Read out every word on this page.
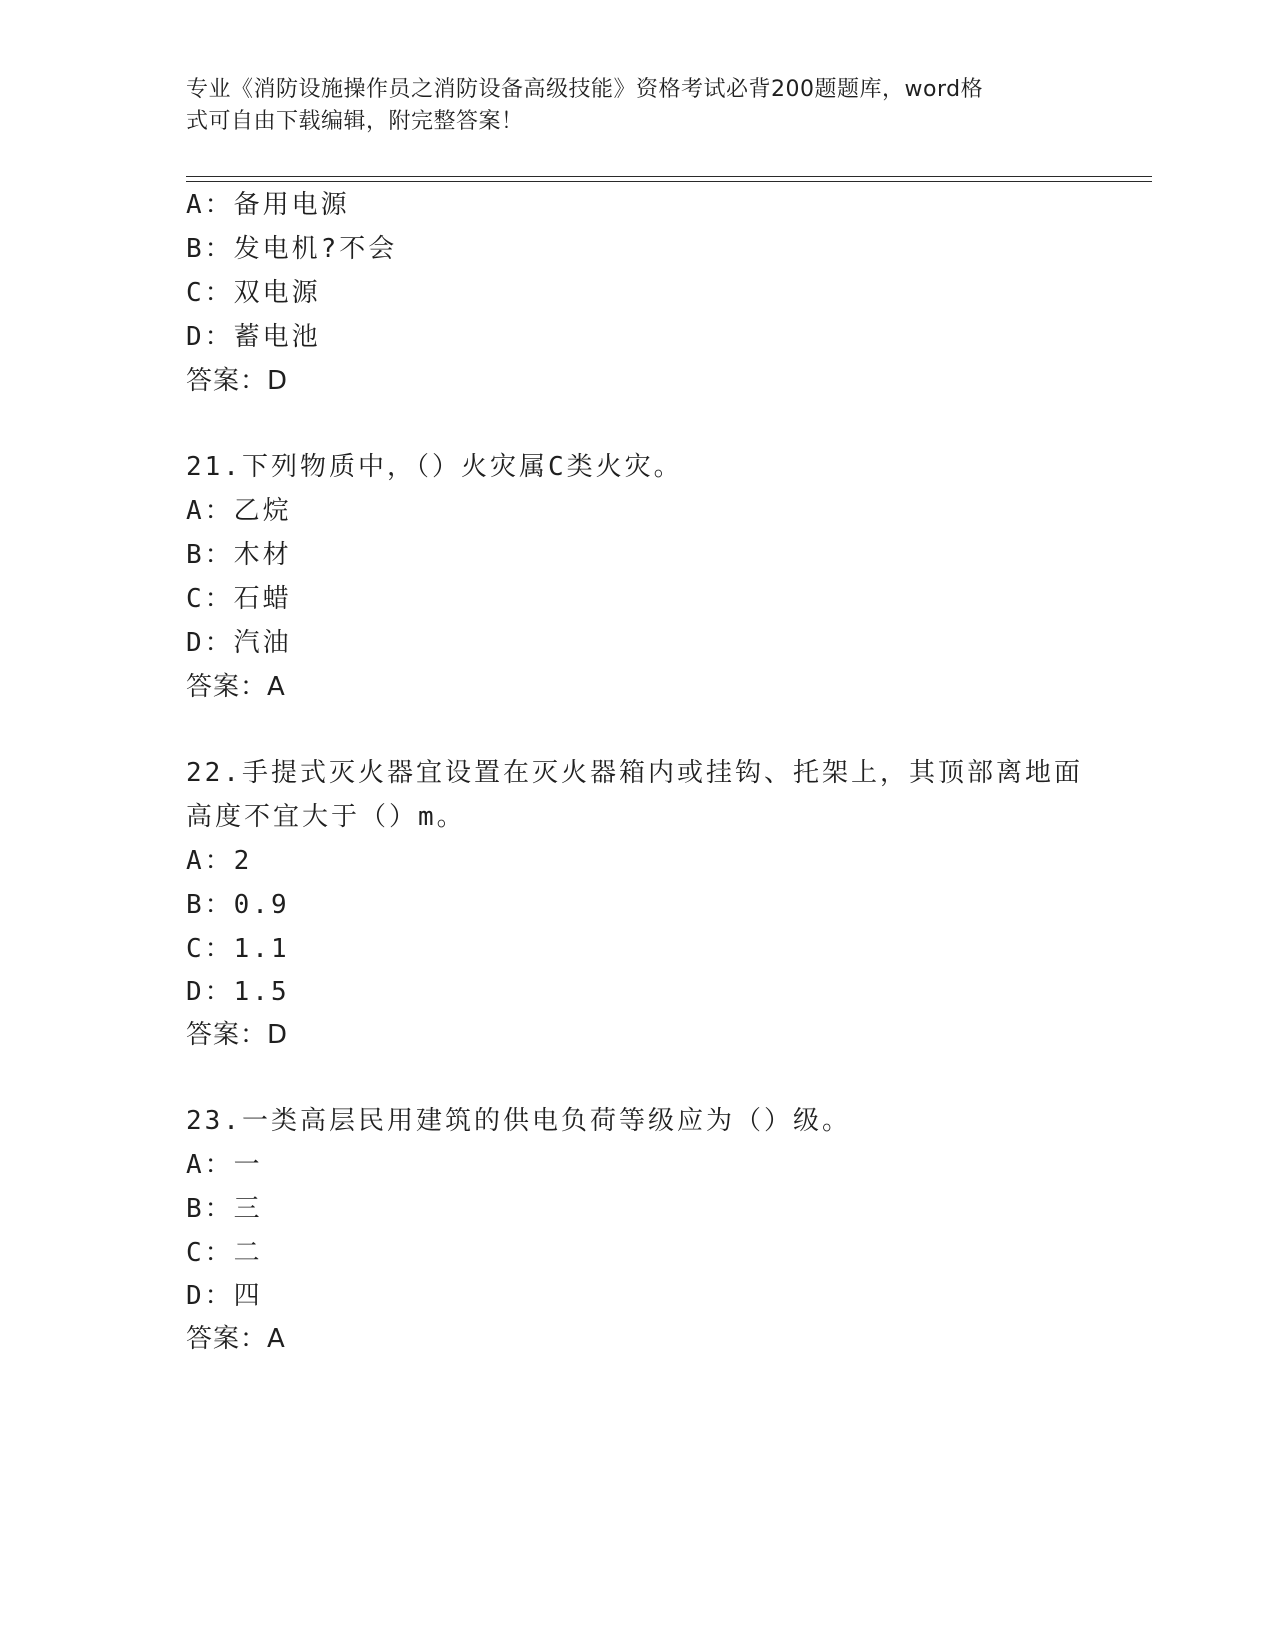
专业《消防设施操作员之消防设备高级技能》资格考试必背200题题库，word格
式可自由下载编辑，附完整答案！
A：备用电源
B：发电机?不会
C：双电源
D：蓄电池
答案：D
21.下列物质中，（）火灾属C类火灾。
A：乙烷
B：木材
C：石蜡
D：汽油
答案：A
22.手提式灭火器宜设置在灭火器箱内或挂钩、托架上，其顶部离地面
高度不宜大于（）m。
A：2
B：0.9
C：1.1
D：1.5
答案：D
23.一类高层民用建筑的供电负荷等级应为（）级。
A：一
B：三
C：二
D：四
答案：A
